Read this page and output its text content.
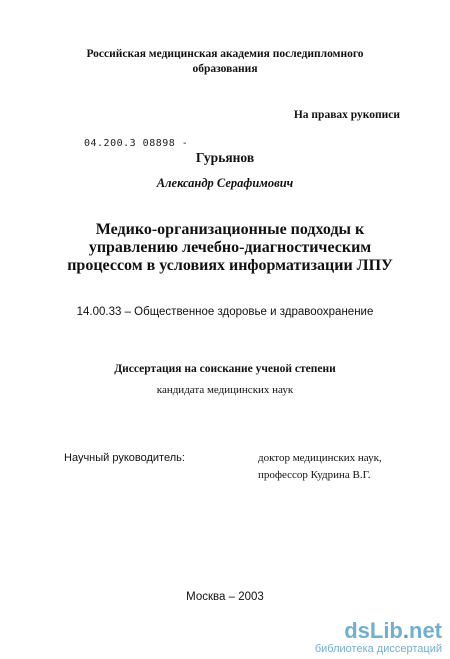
Российская медицинская академия последипломного
образования
На правах рукописи
04.200.3 08898 -
Гурьянов
Александр Серафимович
Медико-организационные подходы к
управлению лечебно-диагностическим
процессом в условиях информатизации ЛПУ
14.00.33 – Общественное здоровье и здравоохранение
Диссертация на соискание ученой степени
кандидата медицинских наук
Научный руководитель:	доктор медицинских наук,
профессор Кудрина В.Г.
Москва – 2003
dsLib.net
библиотека диссертаций
